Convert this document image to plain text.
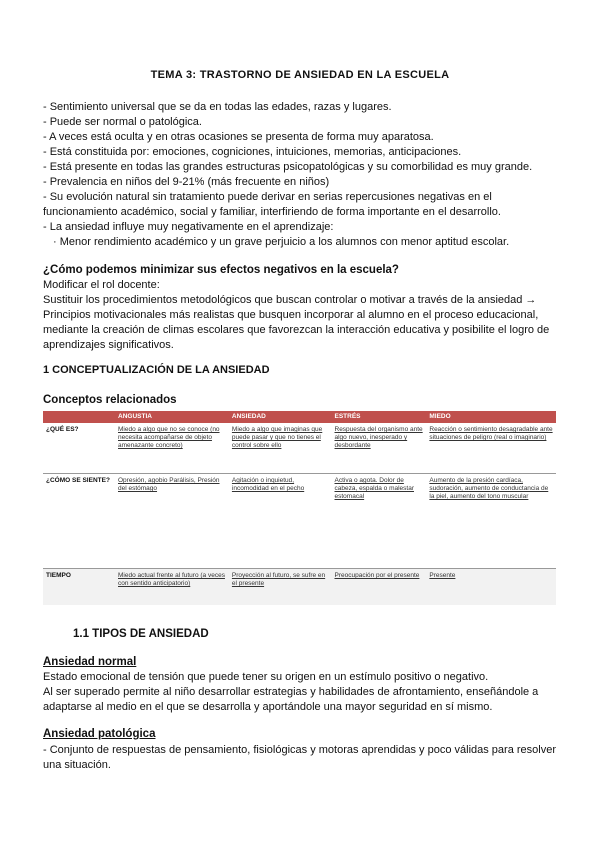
TEMA 3: TRASTORNO DE ANSIEDAD EN LA ESCUELA

- Sentimiento universal que se da en todas las edades, razas y lugares.

- Puede ser normal o patológica.

- A veces está oculta y en otras ocasiones se presenta de forma muy aparatosa.

- Está constituida por: emociones, cogniciones, intuiciones, memorias, anticipaciones.

- Está presente en todas las grandes estructuras psicopatológicas y su comorbilidad es muy grande.

- Prevalencia en niños del 9-21% (más frecuente en niños)

- Su evolución natural sin tratamiento puede derivar en serias repercusiones negativas en el funcionamiento académico, social y familiar, interfiriendo de forma importante en el desarrollo.

- La ansiedad influye muy negativamente en el aprendizaje:

· Menor rendimiento académico y un grave perjuicio a los alumnos con menor aptitud escolar.

¿Cómo podemos minimizar sus efectos negativos en la escuela?

Modificar el rol docente:

Sustituir los procedimientos metodológicos que buscan controlar o motivar a través de la ansiedad → Principios motivacionales más realistas que busquen incorporar al alumno en el proceso educacional, mediante la creación de climas escolares que favorezcan la interacción educativa y posibilite el logro de aprendizajes significativos.

1 CONCEPTUALIZACIÓN DE LA ANSIEDAD
Conceptos relacionados
	ANGUSTIA	ANSIEDAD	ESTRÉS	MIEDO
¿QUÉ ES?	Miedo a algo que no se conoce (no necesita acompañarse de objeto amenazante concreto)	Miedo a algo que imaginas que puede pasar y que no tienes el control sobre ello	Respuesta del organismo ante algo nuevo, inesperado y desbordante	Reacción o sentimiento desagradable ante situaciones de peligro (real o imaginario)
¿CÓMO SE SIENTE?	Opresión, agobio Parálisis, Presión del estómago	Agitación o inquietud, incomodidad en el pecho	Activa o agota. Dolor de cabeza, espalda o malestar estomacal	Aumento de la presión cardíaca, sudoración, aumento de conductancia de la piel, aumento del tono muscular
TIEMPO	Miedo actual frente al futuro (a veces con sentido anticipatorio)	Proyección al futuro, se sufre en el presente	Preocupación por el presente	Presente
1.1 TIPOS DE ANSIEDAD
Ansiedad normal

Estado emocional de tensión que puede tener su origen en un estímulo positivo o negativo.

Al ser superado permite al niño desarrollar estrategias y habilidades de afrontamiento, enseñándole a adaptarse al medio en el que se desarrolla y aportándole una mayor seguridad en sí mismo.

Ansiedad patológica

- Conjunto de respuestas de pensamiento, fisiológicas y motoras aprendidas y poco válidas para resolver una situación.
